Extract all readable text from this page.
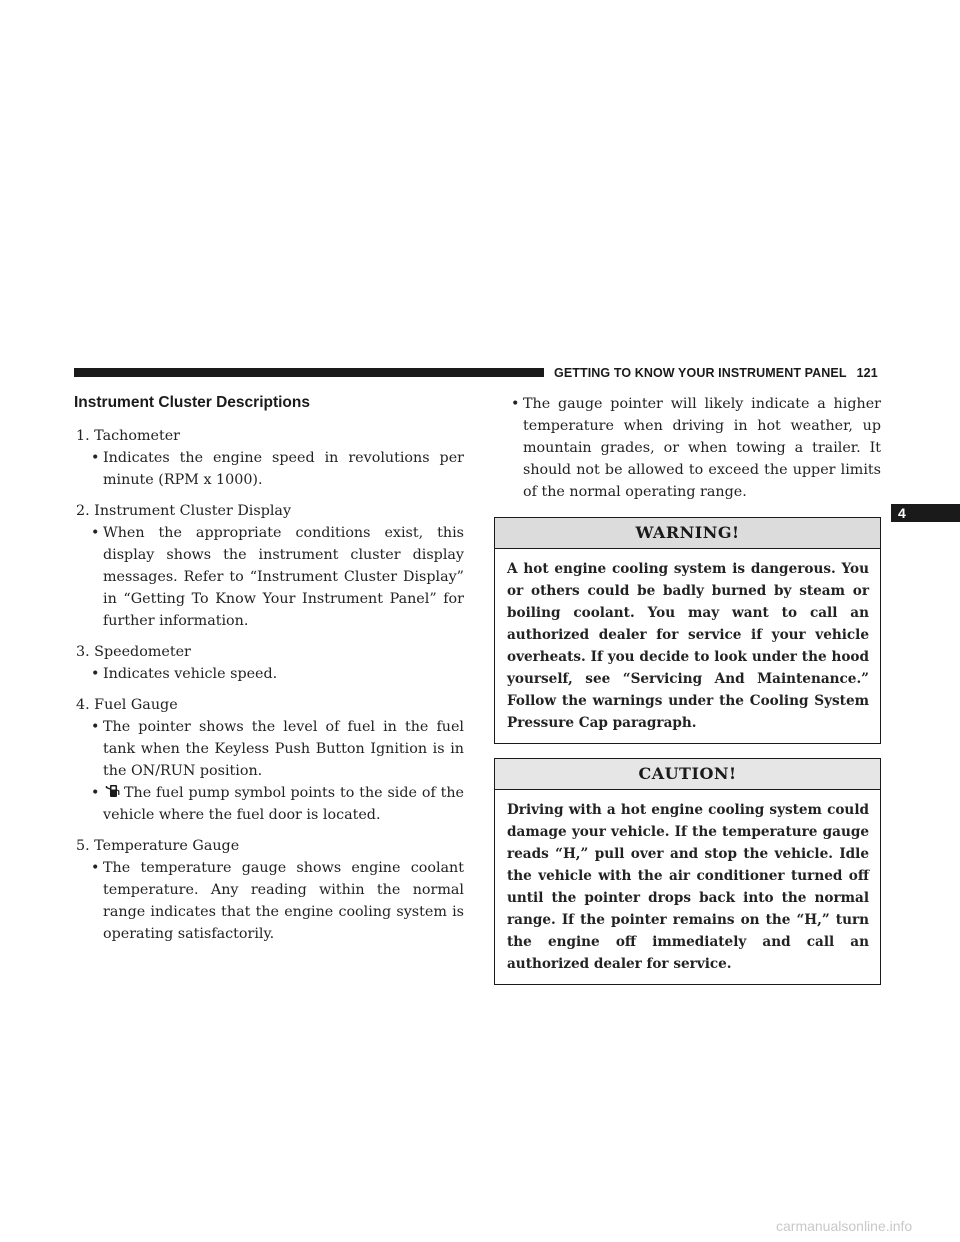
GETTING TO KNOW YOUR INSTRUMENT PANEL 121
4
Instrument Cluster Descriptions
1. Tachometer
• Indicates the engine speed in revolutions per minute (RPM x 1000).
2. Instrument Cluster Display
• When the appropriate conditions exist, this display shows the instrument cluster display messages. Refer to “Instrument Cluster Display” in “Getting To Know Your Instrument Panel” for further information.
3. Speedometer
• Indicates vehicle speed.
4. Fuel Gauge
• The pointer shows the level of fuel in the fuel tank when the Keyless Push Button Ignition is in the ON/RUN position.
• The fuel pump symbol points to the side of the vehicle where the fuel door is located.
5. Temperature Gauge
• The temperature gauge shows engine coolant temperature. Any reading within the normal range indicates that the engine cooling system is operating satisfactorily.
• The gauge pointer will likely indicate a higher temperature when driving in hot weather, up mountain grades, or when towing a trailer. It should not be allowed to exceed the upper limits of the normal operating range.
WARNING!
A hot engine cooling system is dangerous. You or others could be badly burned by steam or boiling coolant. You may want to call an authorized dealer for service if your vehicle overheats. If you decide to look under the hood yourself, see “Servicing And Maintenance.” Follow the warnings under the Cooling System Pressure Cap paragraph.
CAUTION!
Driving with a hot engine cooling system could damage your vehicle. If the temperature gauge reads “H,” pull over and stop the vehicle. Idle the vehicle with the air conditioner turned off until the pointer drops back into the normal range. If the pointer remains on the “H,” turn the engine off immediately and call an authorized dealer for service.
carmanualsonline.info
